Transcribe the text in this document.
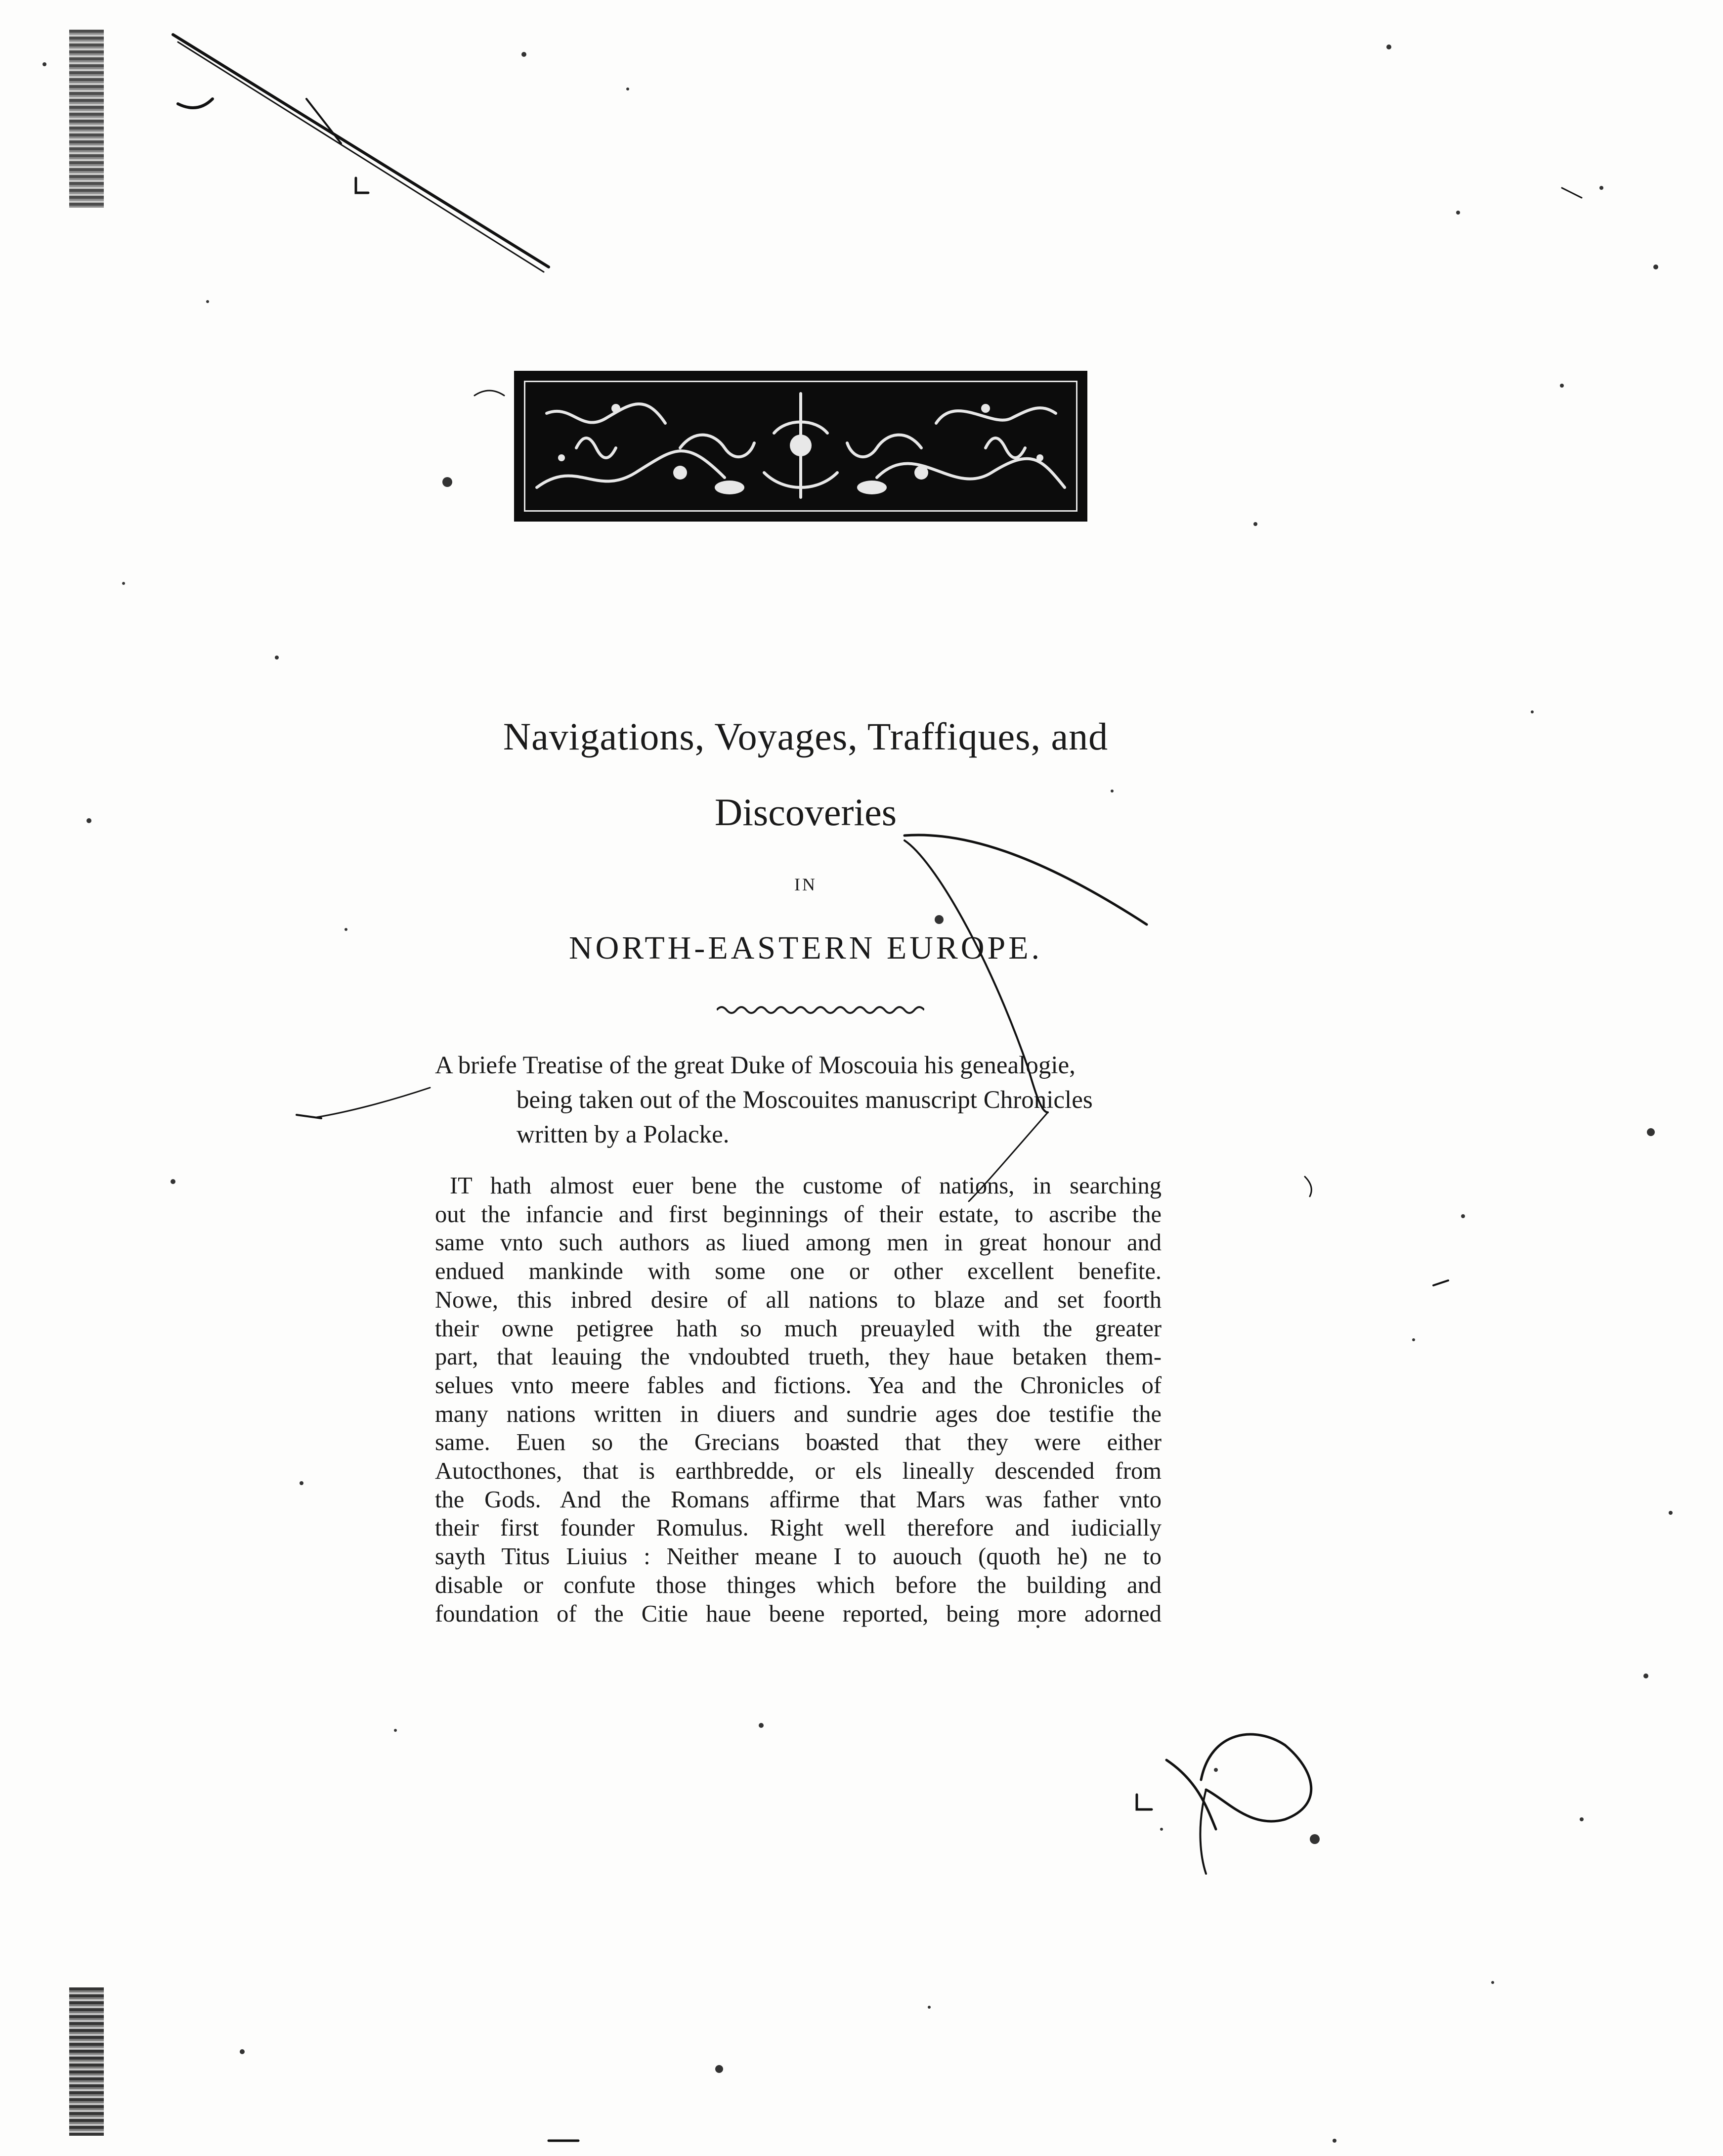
Navigations, Voyages, Traffiques, and
Discoveries
IN
NORTH-EASTERN EUROPE.
A briefe Treatise of the great Duke of Moscouia his genealogie,
being taken out of the Moscouites manuscript Chronicles
written by a Polacke.
IT hath almost euer bene the custome of nations, in searching
out the infancie and first beginnings of their estate, to ascribe the
same vnto such authors as liued among men in great honour and
endued mankinde with some one or other excellent benefite.
Nowe, this inbred desire of all nations to blaze and set foorth
their owne petigree hath so much preuayled with the greater
part, that leauing the vndoubted trueth, they haue betaken them-
selues vnto meere fables and fictions. Yea and the Chronicles of
many nations written in diuers and sundrie ages doe testifie the
same. Euen so the Grecians boasted that they were either
Autocthones, that is earthbredde, or els lineally descended from
the Gods. And the Romans affirme that Mars was father vnto
their first founder Romulus. Right well therefore and iudicially
sayth Titus Liuius : Neither meane I to auouch (quoth he) ne to
disable or confute those thinges which before the building and
foundation of the Citie haue beene reported, being more adorned
